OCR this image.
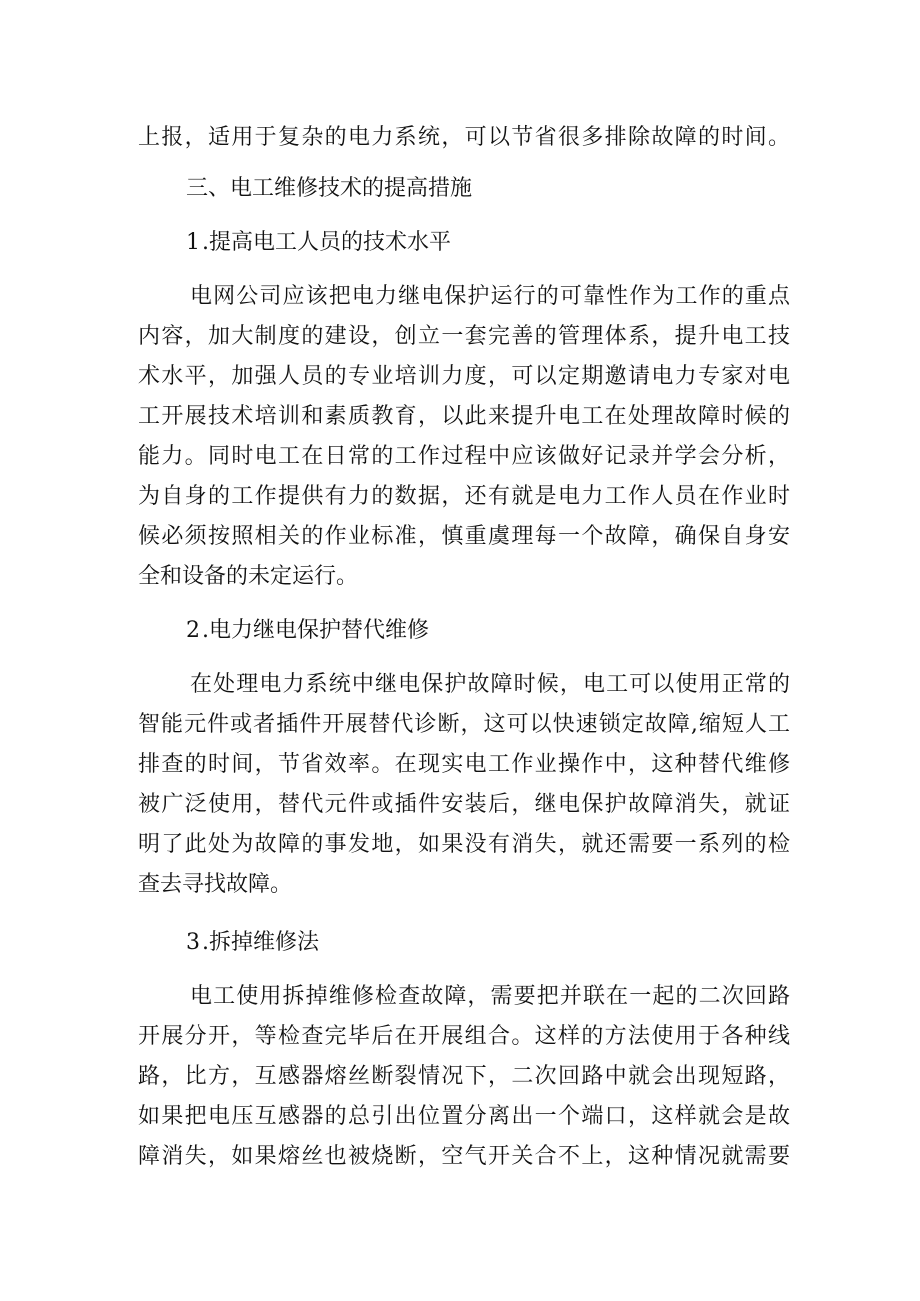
上报，适用于复杂的电力系统，可以节省很多排除故障的时间。

三、电工维修技术的提高措施

1.提高电工人员的技术水平

电网公司应该把电力继电保护运行的可靠性作为工作的重点

内容，加大制度的建设，创立一套完善的管理体系，提升电工技

术水平，加强人员的专业培训力度，可以定期邀请电力专家对电

工开展技术培训和素质教育，以此来提升电工在处理故障时候的

能力。同时电工在日常的工作过程中应该做好记录并学会分析，

为自身的工作提供有力的数据，还有就是电力工作人员在作业时

候必须按照相关的作业标准，慎重虞理每一个故障，确保自身安

全和设备的未定运行。

2.电力继电保护替代维修

在处理电力系统中继电保护故障时候，电工可以使用正常的

智能元件或者插件开展替代诊断，这可以快速锁定故障,缩短人工

排查的时间，节省效率。在现实电工作业操作中，这种替代维修

被广泛使用，替代元件或插件安装后，继电保护故障消失，就证

明了此处为故障的事发地，如果没有消失，就还需要一系列的检

查去寻找故障。

3.拆掉维修法

电工使用拆掉维修检查故障，需要把并联在一起的二次回路

开展分开，等检查完毕后在开展组合。这样的方法使用于各种线

路，比方，互感器熔丝断裂情况下，二次回路中就会出现短路，

如果把电压互感器的总引出位置分离出一个端口，这样就会是故

障消失，如果熔丝也被烧断，空气开关合不上，这种情况就需要
